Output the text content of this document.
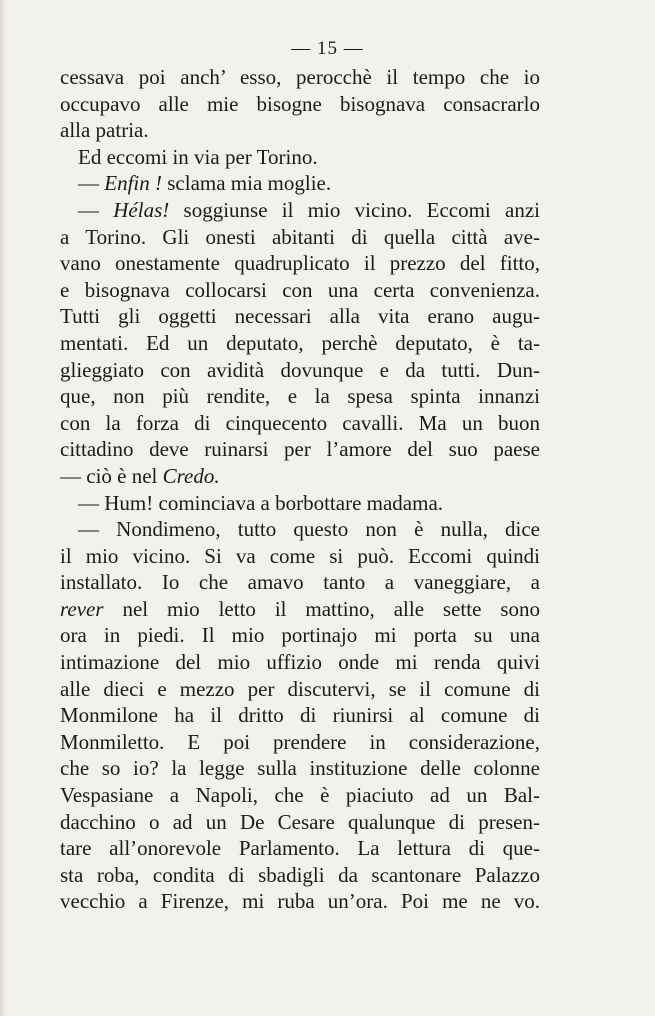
— 15 —
cessava poi anch’ esso, perocchè il tempo che io
occupavo alle mie bisogne bisognava consacrarlo
alla patria.
Ed eccomi in via per Torino.
— Enfin ! sclama mia moglie.
— Hélas! soggiunse il mio vicino. Eccomi anzi
a Torino. Gli onesti abitanti di quella città ave-
vano onestamente quadruplicato il prezzo del fitto,
e bisognava collocarsi con una certa convenienza.
Tutti gli oggetti necessari alla vita erano augu-
mentati. Ed un deputato, perchè deputato, è ta-
glieggiato con avidità dovunque e da tutti. Dun-
que, non più rendite, e la spesa spinta innanzi
con la forza di cinquecento cavalli. Ma un buon
cittadino deve ruinarsi per l’amore del suo paese
— ciò è nel Credo.
— Hum! cominciava a borbottare madama.
— Nondimeno, tutto questo non è nulla, dice
il mio vicino. Si va come si può. Eccomi quindi
installato. Io che amavo tanto a vaneggiare, a
rever nel mio letto il mattino, alle sette sono
ora in piedi. Il mio portinajo mi porta su una
intimazione del mio uffizio onde mi renda quivi
alle dieci e mezzo per discutervi, se il comune di
Monmilone ha il dritto di riunirsi al comune di
Monmiletto. E poi prendere in considerazione,
che so io? la legge sulla instituzione delle colonne
Vespasiane a Napoli, che è piaciuto ad un Bal-
dacchino o ad un De Cesare qualunque di presen-
tare all’onorevole Parlamento. La lettura di que-
sta roba, condita di sbadigli da scantonare Palazzo
vecchio a Firenze, mi ruba un’ora. Poi me ne vo.
